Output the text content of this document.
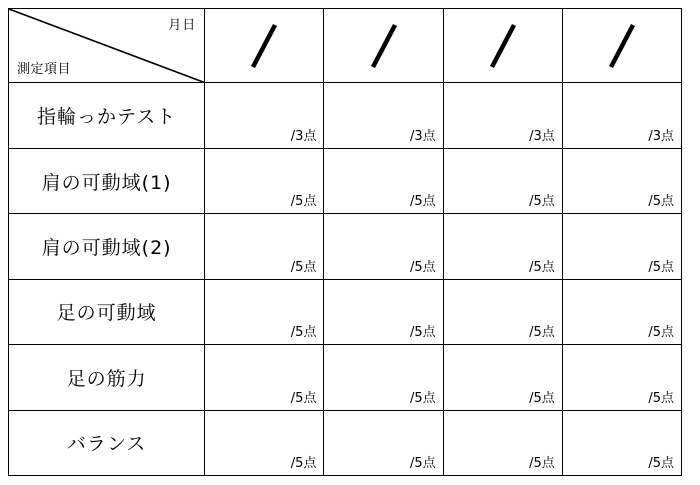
月日
測定項目

指輪っかテスト	/3点	/3点	/3点	/3点

肩の可動域(1)	/5点	/5点	/5点	/5点

肩の可動域(2)	/5点	/5点	/5点	/5点

足の可動域	/5点	/5点	/5点	/5点

足の筋力	/5点	/5点	/5点	/5点

バランス	/5点	/5点	/5点	/5点
